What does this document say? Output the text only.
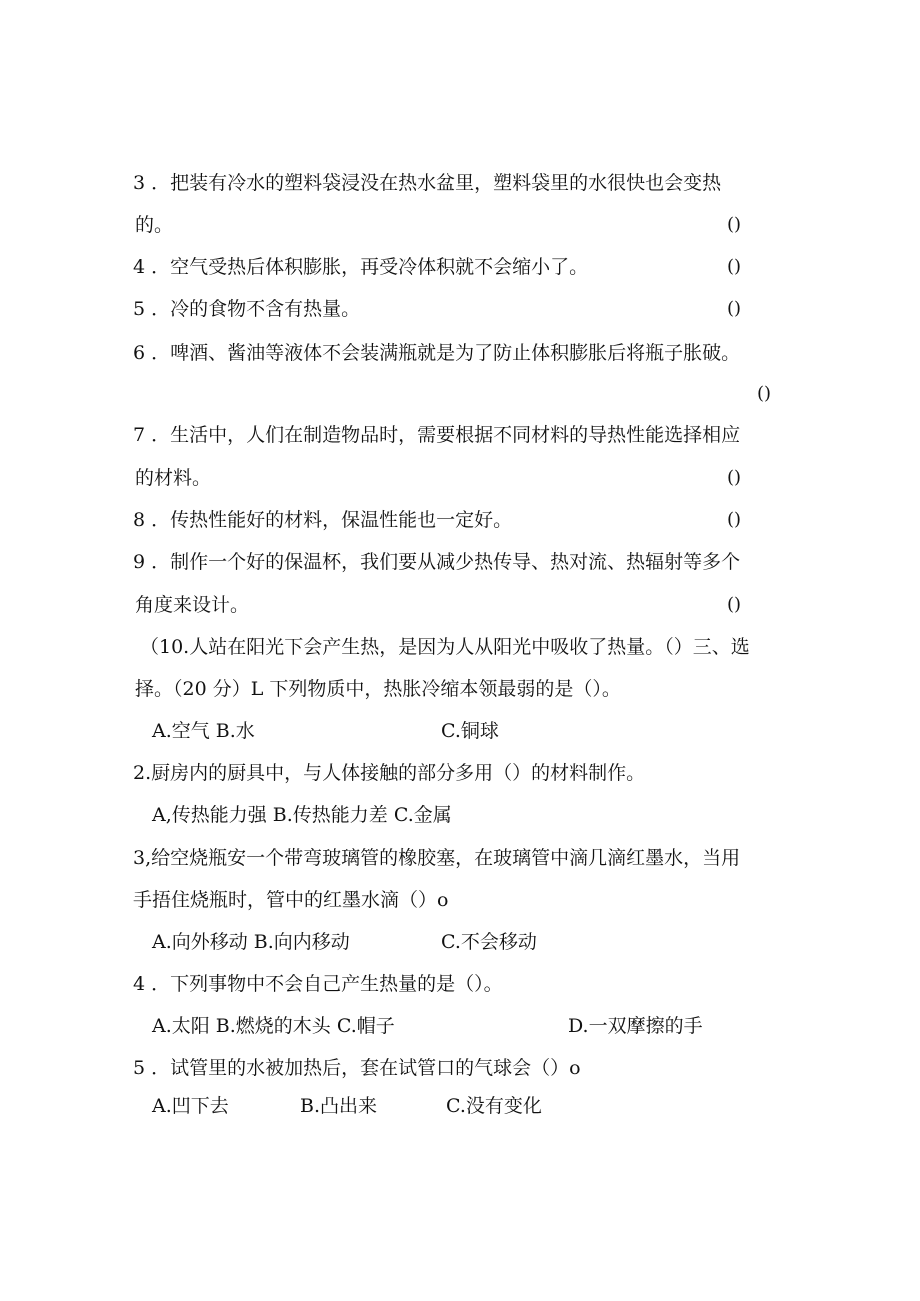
3 ．把装有冷水的塑料袋浸没在热水盆里，塑料袋里的水很快也会变热
的。	()
4 ．空气受热后体积膨胀，再受冷体积就不会缩小了。	()
5 ．冷的食物不含有热量。	()
6 ．啤酒、酱油等液体不会装满瓶就是为了防止体积膨胀后将瓶子胀破。
()
7 ．生活中，人们在制造物品时，需要根据不同材料的导热性能选择相应
的材料。	()
8 ．传热性能好的材料，保温性能也一定好。	()
9 ．制作一个好的保温杯，我们要从减少热传导、热对流、热辐射等多个
角度来设计。	()
（10.人站在阳光下会产生热，是因为人从阳光中吸收了热量。（）三、选
择。（20 分）L 下列物质中，热胀冷缩本领最弱的是（）。
A.空气 B.水	C.铜球
2.厨房内的厨具中，与人体接触的部分多用（）的材料制作。
A,传热能力强 B.传热能力差 C.金属
3,给空烧瓶安一个带弯玻璃管的橡胶塞，在玻璃管中滴几滴红墨水，当用
手捂住烧瓶时，管中的红墨水滴（）o
A.向外移动 B.向内移动	C.不会移动
4 ．下列事物中不会自己产生热量的是（）。
A.太阳 B.燃烧的木头 C.帽子	D.一双摩擦的手
5 ．试管里的水被加热后，套在试管口的气球会（）o
A.凹下去	B.凸出来	C.没有变化
